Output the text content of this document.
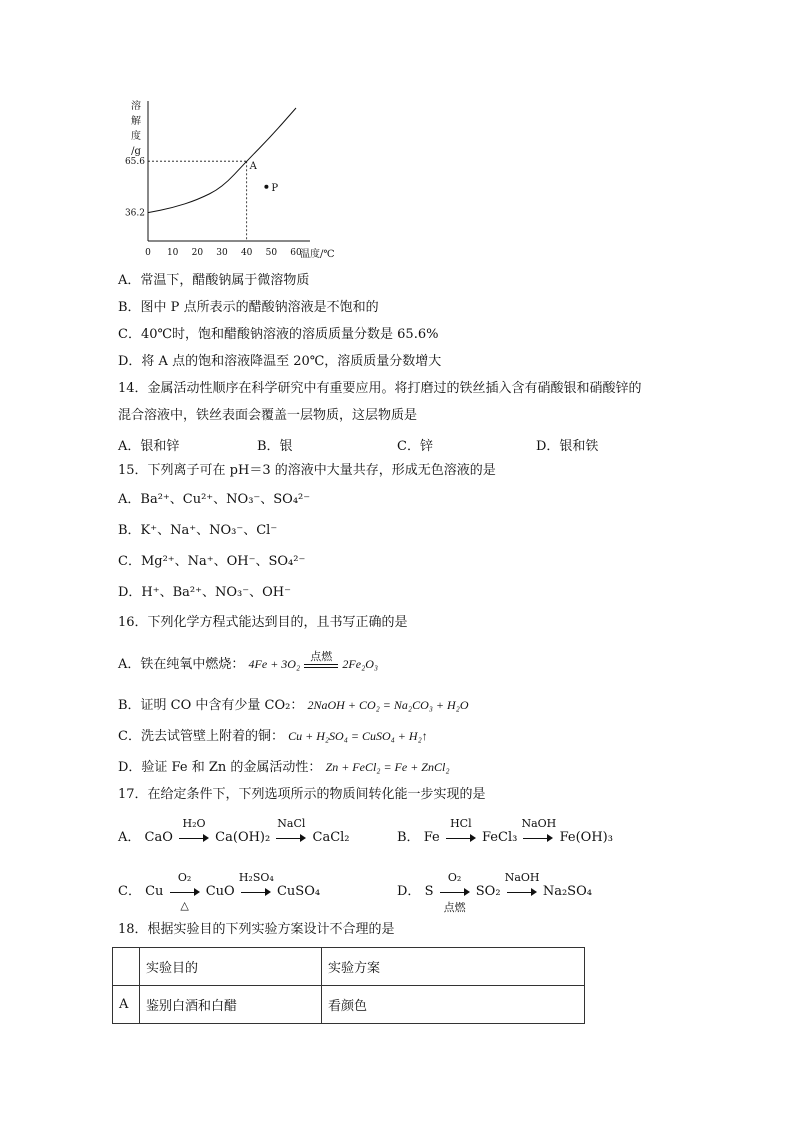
溶
解
度
/g
0 10 20 30 40 50 60
温度/℃
36.2
65.6	A
P
A．常温下，醋酸钠属于微溶物质
B．图中 P 点所表示的醋酸钠溶液是不饱和的
C．40℃时，饱和醋酸钠溶液的溶质质量分数是 65.6%
D．将 A 点的饱和溶液降温至 20℃，溶质质量分数增大
14．金属活动性顺序在科学研究中有重要应用。将打磨过的铁丝插入含有硝酸银和硝酸锌的
混合溶液中，铁丝表面会覆盖一层物质，这层物质是
A．银和锌	B．银	C．锌	D．银和铁
15．下列离子可在 pH＝3 的溶液中大量共存，形成无色溶液的是
A．Ba²⁺、Cu²⁺、NO₃⁻、SO₄²⁻
B．K⁺、Na⁺、NO₃⁻、Cl⁻
C．Mg²⁺、Na⁺、OH⁻、SO₄²⁻
D．H⁺、Ba²⁺、NO₃⁻、OH⁻
16．下列化学方程式能达到目的，且书写正确的是
A．铁在纯氧中燃烧： 4Fe + 3O₂
点燃
2Fe₂O₃
B．证明 CO 中含有少量 CO₂： 2NaOH + CO₂ = Na₂CO₃ + H₂O
C．洗去试管壁上附着的铜： Cu + H₂SO₄ = CuSO₄ + H₂↑
D．验证 Fe 和 Zn 的金属活动性： Zn + FeCl₂ = Fe + ZnCl₂
17．在给定条件下，下列选项所示的物质间转化能一步实现的是
A． CaO
H₂O
Ca(OH)₂
NaCl
CaCl₂	B． Fe
HCl
FeCl₃
NaOH
Fe(OH)₃
C． Cu
O₂
△
CuO
H₂SO₄
CuSO₄	D． S
O₂
点燃
SO₂
NaOH
Na₂SO₄
18．根据实验目的下列实验方案设计不合理的是
	实验目的	实验方案
A	鉴别白酒和白醋	看颜色
